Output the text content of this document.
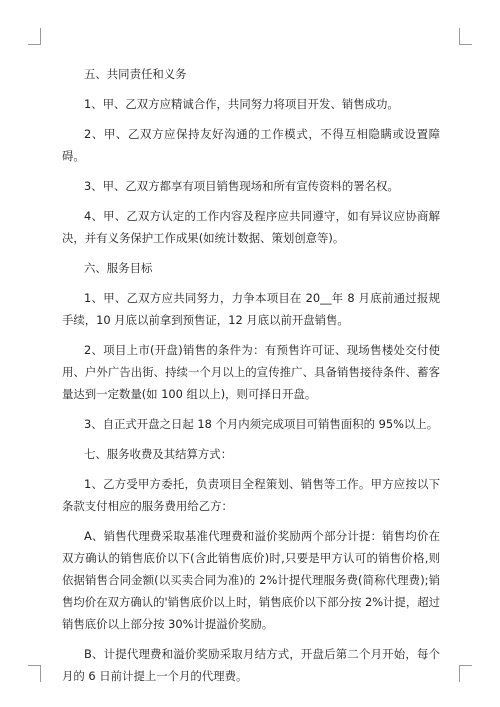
五、共同责任和义务

1、甲、乙双方应精诚合作，共同努力将项目开发、销售成功。

2、甲、乙双方应保持友好沟通的工作模式，不得互相隐瞒或设置障碍。

3、甲、乙双方都享有项目销售现场和所有宣传资料的署名权。

4、甲、乙双方认定的工作内容及程序应共同遵守，如有异议应协商解决，并有义务保护工作成果(如统计数据、策划创意等)。

六、服务目标

1、甲、乙双方应共同努力，力争本项目在 20__年 8 月底前通过报规手续，10 月底以前拿到预售证，12 月底以前开盘销售。

2、项目上市(开盘)销售的条件为：有预售许可证、现场售楼处交付使用、户外广告出街、持续一个月以上的宣传推广、具备销售接待条件、蓄客量达到一定数量(如 100 组以上)，则可择日开盘。

3、自正式开盘之日起 18 个月内须完成项目可销售面积的 95%以上。

七、服务收费及其结算方式：

1、乙方受甲方委托，负责项目全程策划、销售等工作。甲方应按以下条款支付相应的服务费用给乙方：

A、销售代理费采取基准代理费和溢价奖励两个部分计提：销售均价在双方确认的销售底价以下(含此销售底价)时,只要是甲方认可的销售价格,则依据销售合同金额(以买卖合同为准)的 2%计提代理服务费(简称代理费);销售均价在双方确认的'销售底价以上时，销售底价以下部分按 2%计提，超过销售底价以上部分按 30%计提溢价奖励。

B、计提代理费和溢价奖励采取月结方式，开盘后第二个月开始，每个月的 6 日前计提上一个月的代理费。
